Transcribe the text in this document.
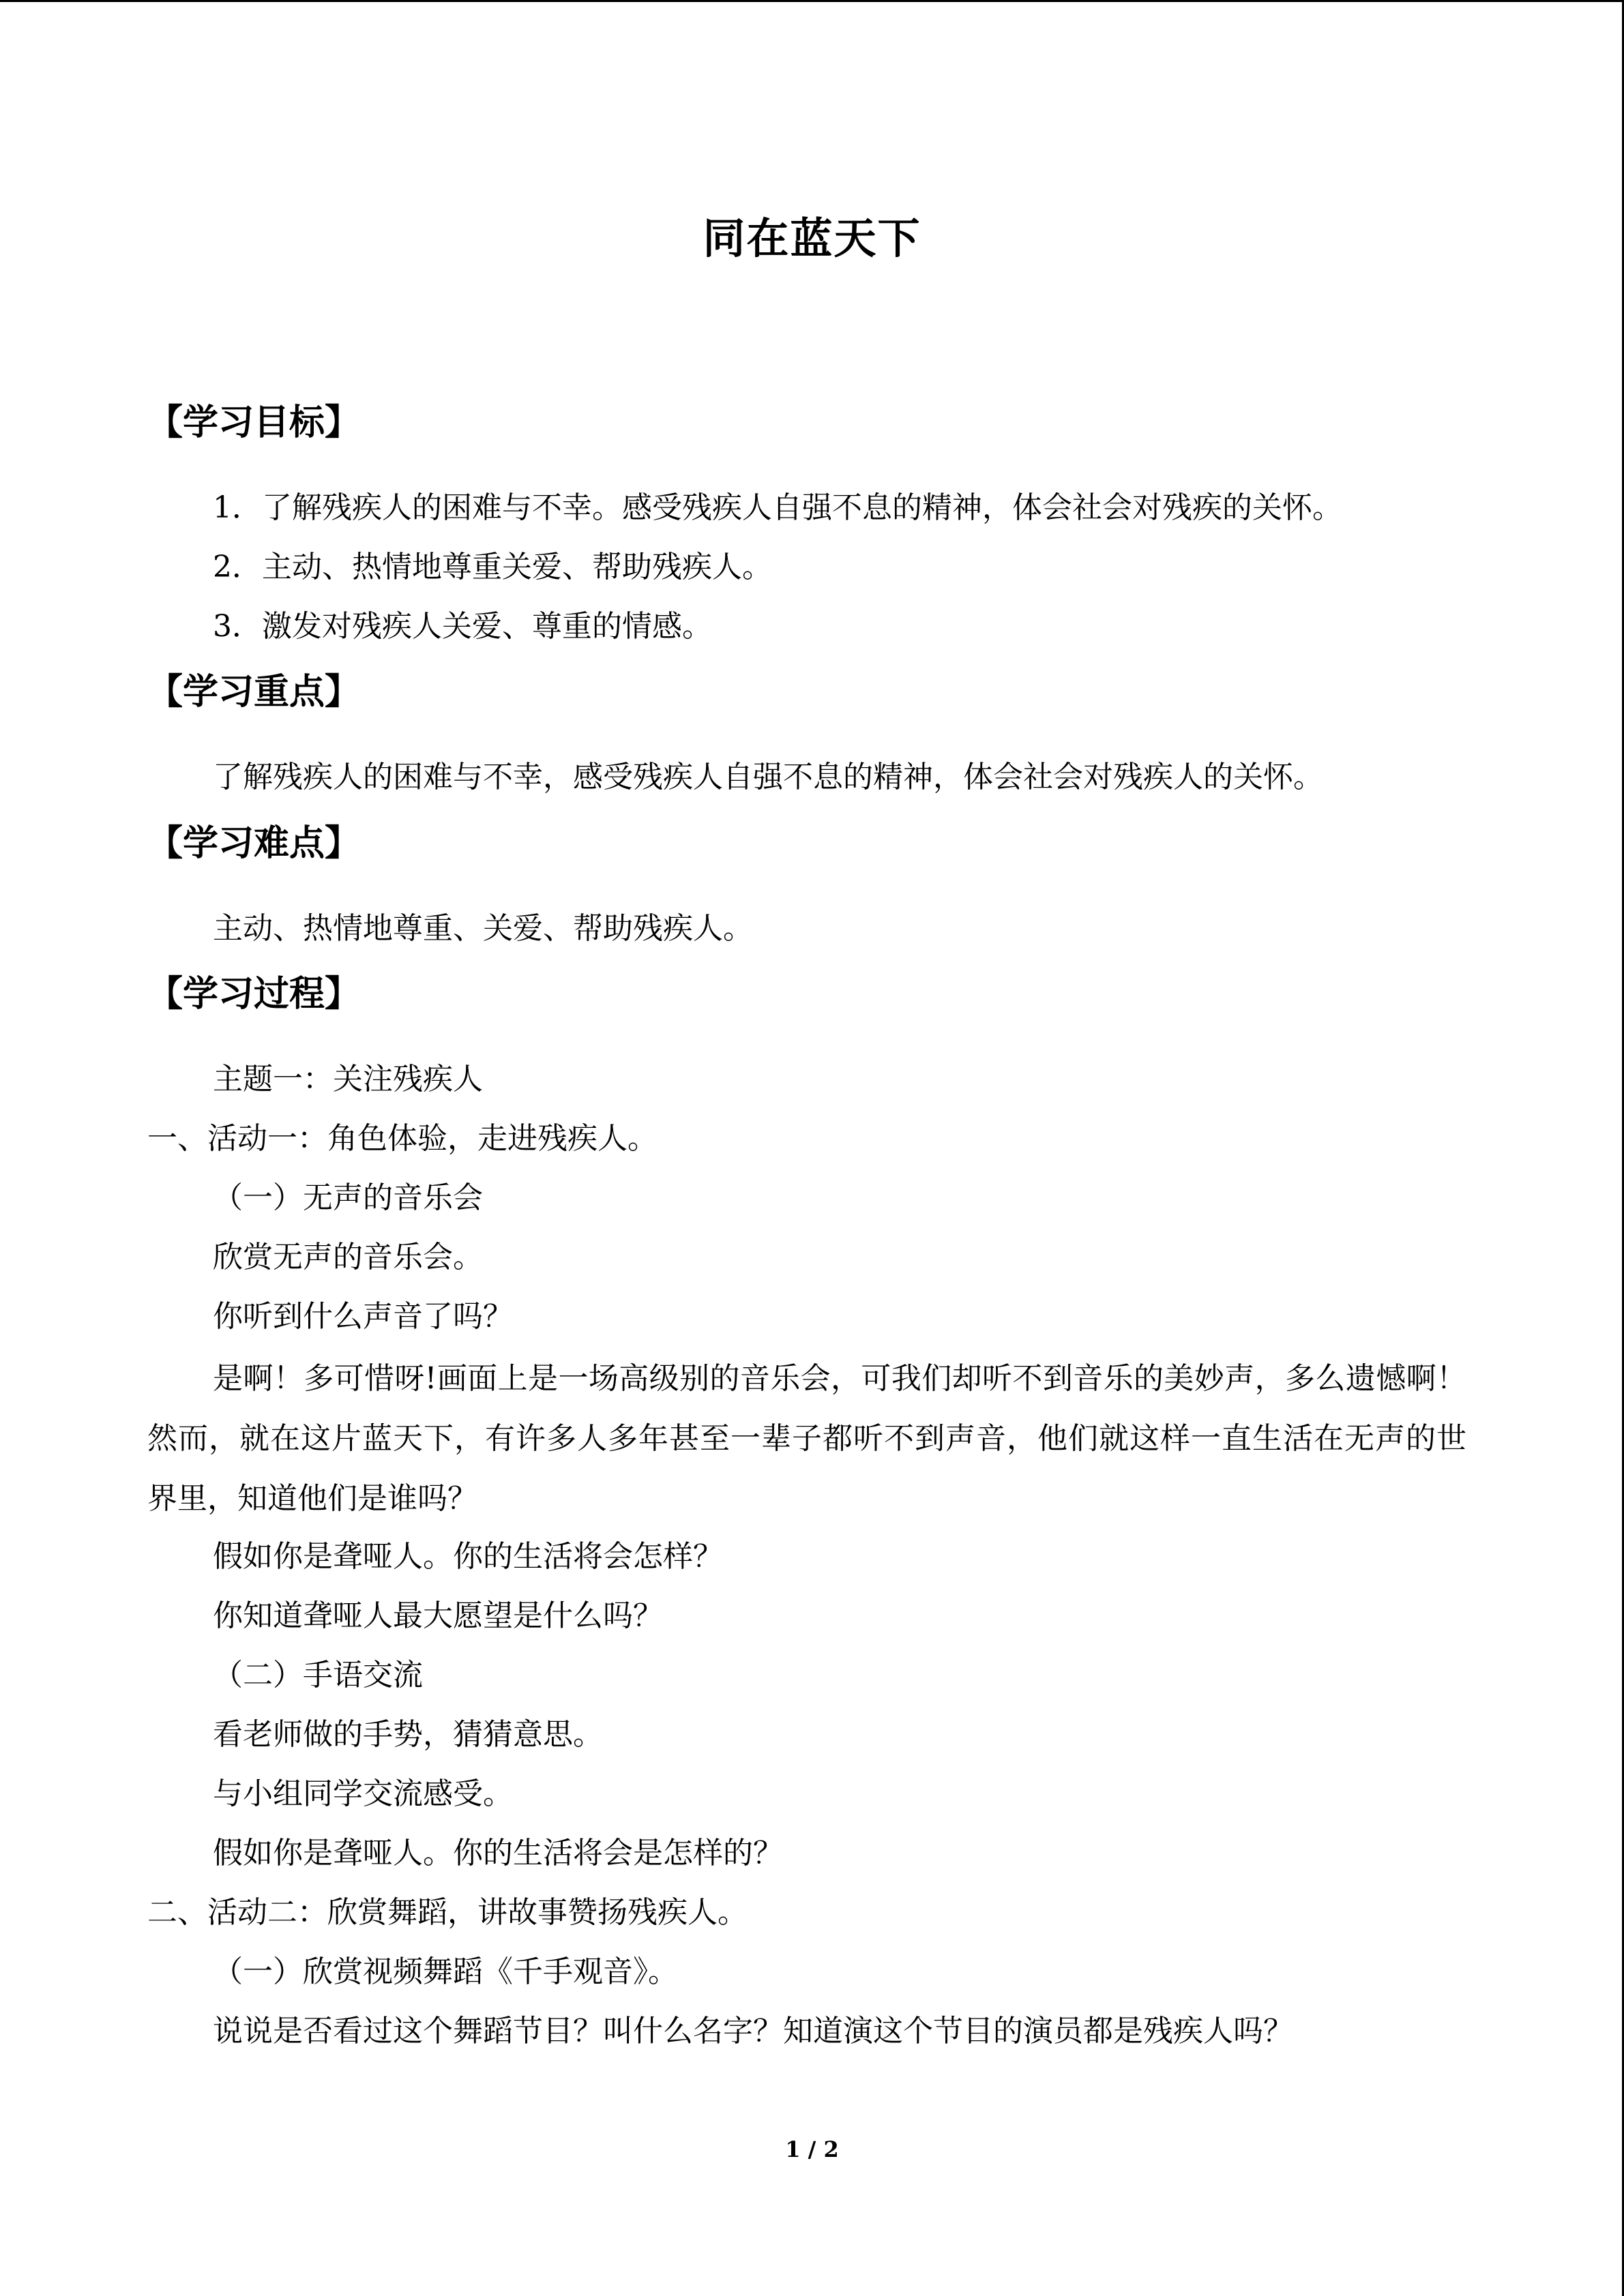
同在蓝天下
【学习目标】
1．了解残疾人的困难与不幸。感受残疾人自强不息的精神，体会社会对残疾的关怀。
2．主动、热情地尊重关爱、帮助残疾人。
3．激发对残疾人关爱、尊重的情感。
【学习重点】
了解残疾人的困难与不幸，感受残疾人自强不息的精神，体会社会对残疾人的关怀。
【学习难点】
主动、热情地尊重、关爱、帮助残疾人。
【学习过程】
主题一：关注残疾人
一、活动一：角色体验，走进残疾人。
（一）无声的音乐会
欣赏无声的音乐会。
你听到什么声音了吗？
是啊！多可惜呀!画面上是一场高级别的音乐会，可我们却听不到音乐的美妙声，多么遗憾啊！然而，就在这片蓝天下，有许多人多年甚至一辈子都听不到声音，他们就这样一直生活在无声的世界里，知道他们是谁吗？
假如你是聋哑人。你的生活将会怎样？
你知道聋哑人最大愿望是什么吗？
（二）手语交流
看老师做的手势，猜猜意思。
与小组同学交流感受。
假如你是聋哑人。你的生活将会是怎样的？
二、活动二：欣赏舞蹈，讲故事赞扬残疾人。
（一）欣赏视频舞蹈《千手观音》。
说说是否看过这个舞蹈节目？叫什么名字？知道演这个节目的演员都是残疾人吗？
1 / 2
